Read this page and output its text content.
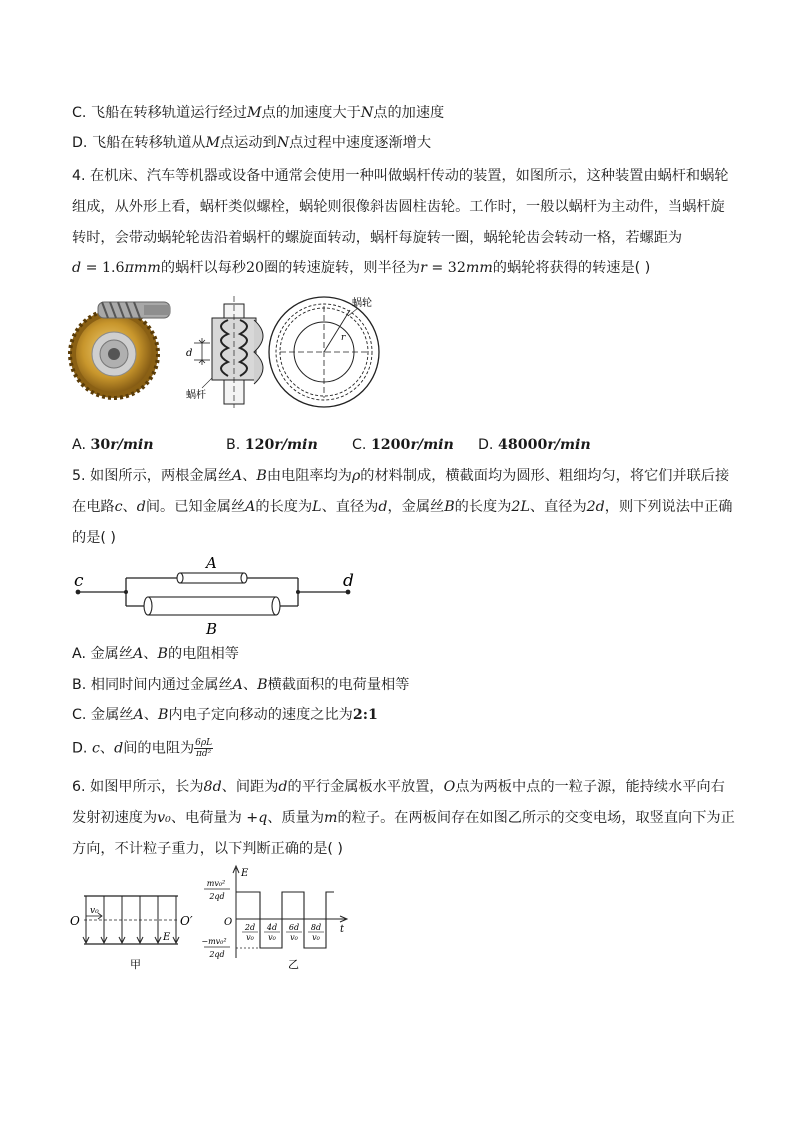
C. 飞船在转移轨道运行经过M点的加速度大于N点的加速度
D. 飞船在转移轨道从M点运动到N点过程中速度逐渐增大
4. 在机床、汽车等机器或设备中通常会使用一种叫做蜗杆传动的装置，如图所示，这种装置由蜗杆和蜗轮
组成，从外形上看，蜗杆类似螺栓，蜗轮则很像斜齿圆柱齿轮。工作时，一般以蜗杆为主动件，当蜗杆旋
转时，会带动蜗轮轮齿沿着蜗杆的螺旋面转动，蜗杆每旋转一圈，蜗轮轮齿会转动一格，若螺距为
d = 1.6πmm的蜗杆以每秒20圈的转速旋转，则半径为r = 32mm的蜗轮将获得的转速是( )
d
r
蜗轮
蜗杆
A. 30r/min	B. 120r/min C. 1200r/min D. 48000r/min
5. 如图所示，两根金属丝A、B由电阻率均为ρ的材料制成，横截面均为圆形、粗细均匀，将它们并联后接
在电路c、d间。已知金属丝A的长度为L、直径为d，金属丝B的长度为2L、直径为2d，则下列说法中正确
的是( )
c	d
A
B
A. 金属丝A、B的电阻相等
B. 相同时间内通过金属丝A、B横截面积的电荷量相等
C. 金属丝A、B内电子定向移动的速度之比为2:1
D. c、d间的电阻为 $\frac{6\rho L}{\text{πd²}}$
6. 如图甲所示，长为8d、间距为d的平行金属板水平放置，O点为两板中点的一粒子源，能持续水平向右
发射初速度为v₀、电荷量为 +q、质量为m的粒子。在两板间存在如图乙所示的交变电场，取竖直向下为正
方向，不计粒子重力，以下判断正确的是( )
O	O′
v₀
E
甲
E
t
O
mv₀²
2qd
−mv₀²
2qd
2d
v₀
4d
v₀
6d
v₀
8d
v₀
乙
